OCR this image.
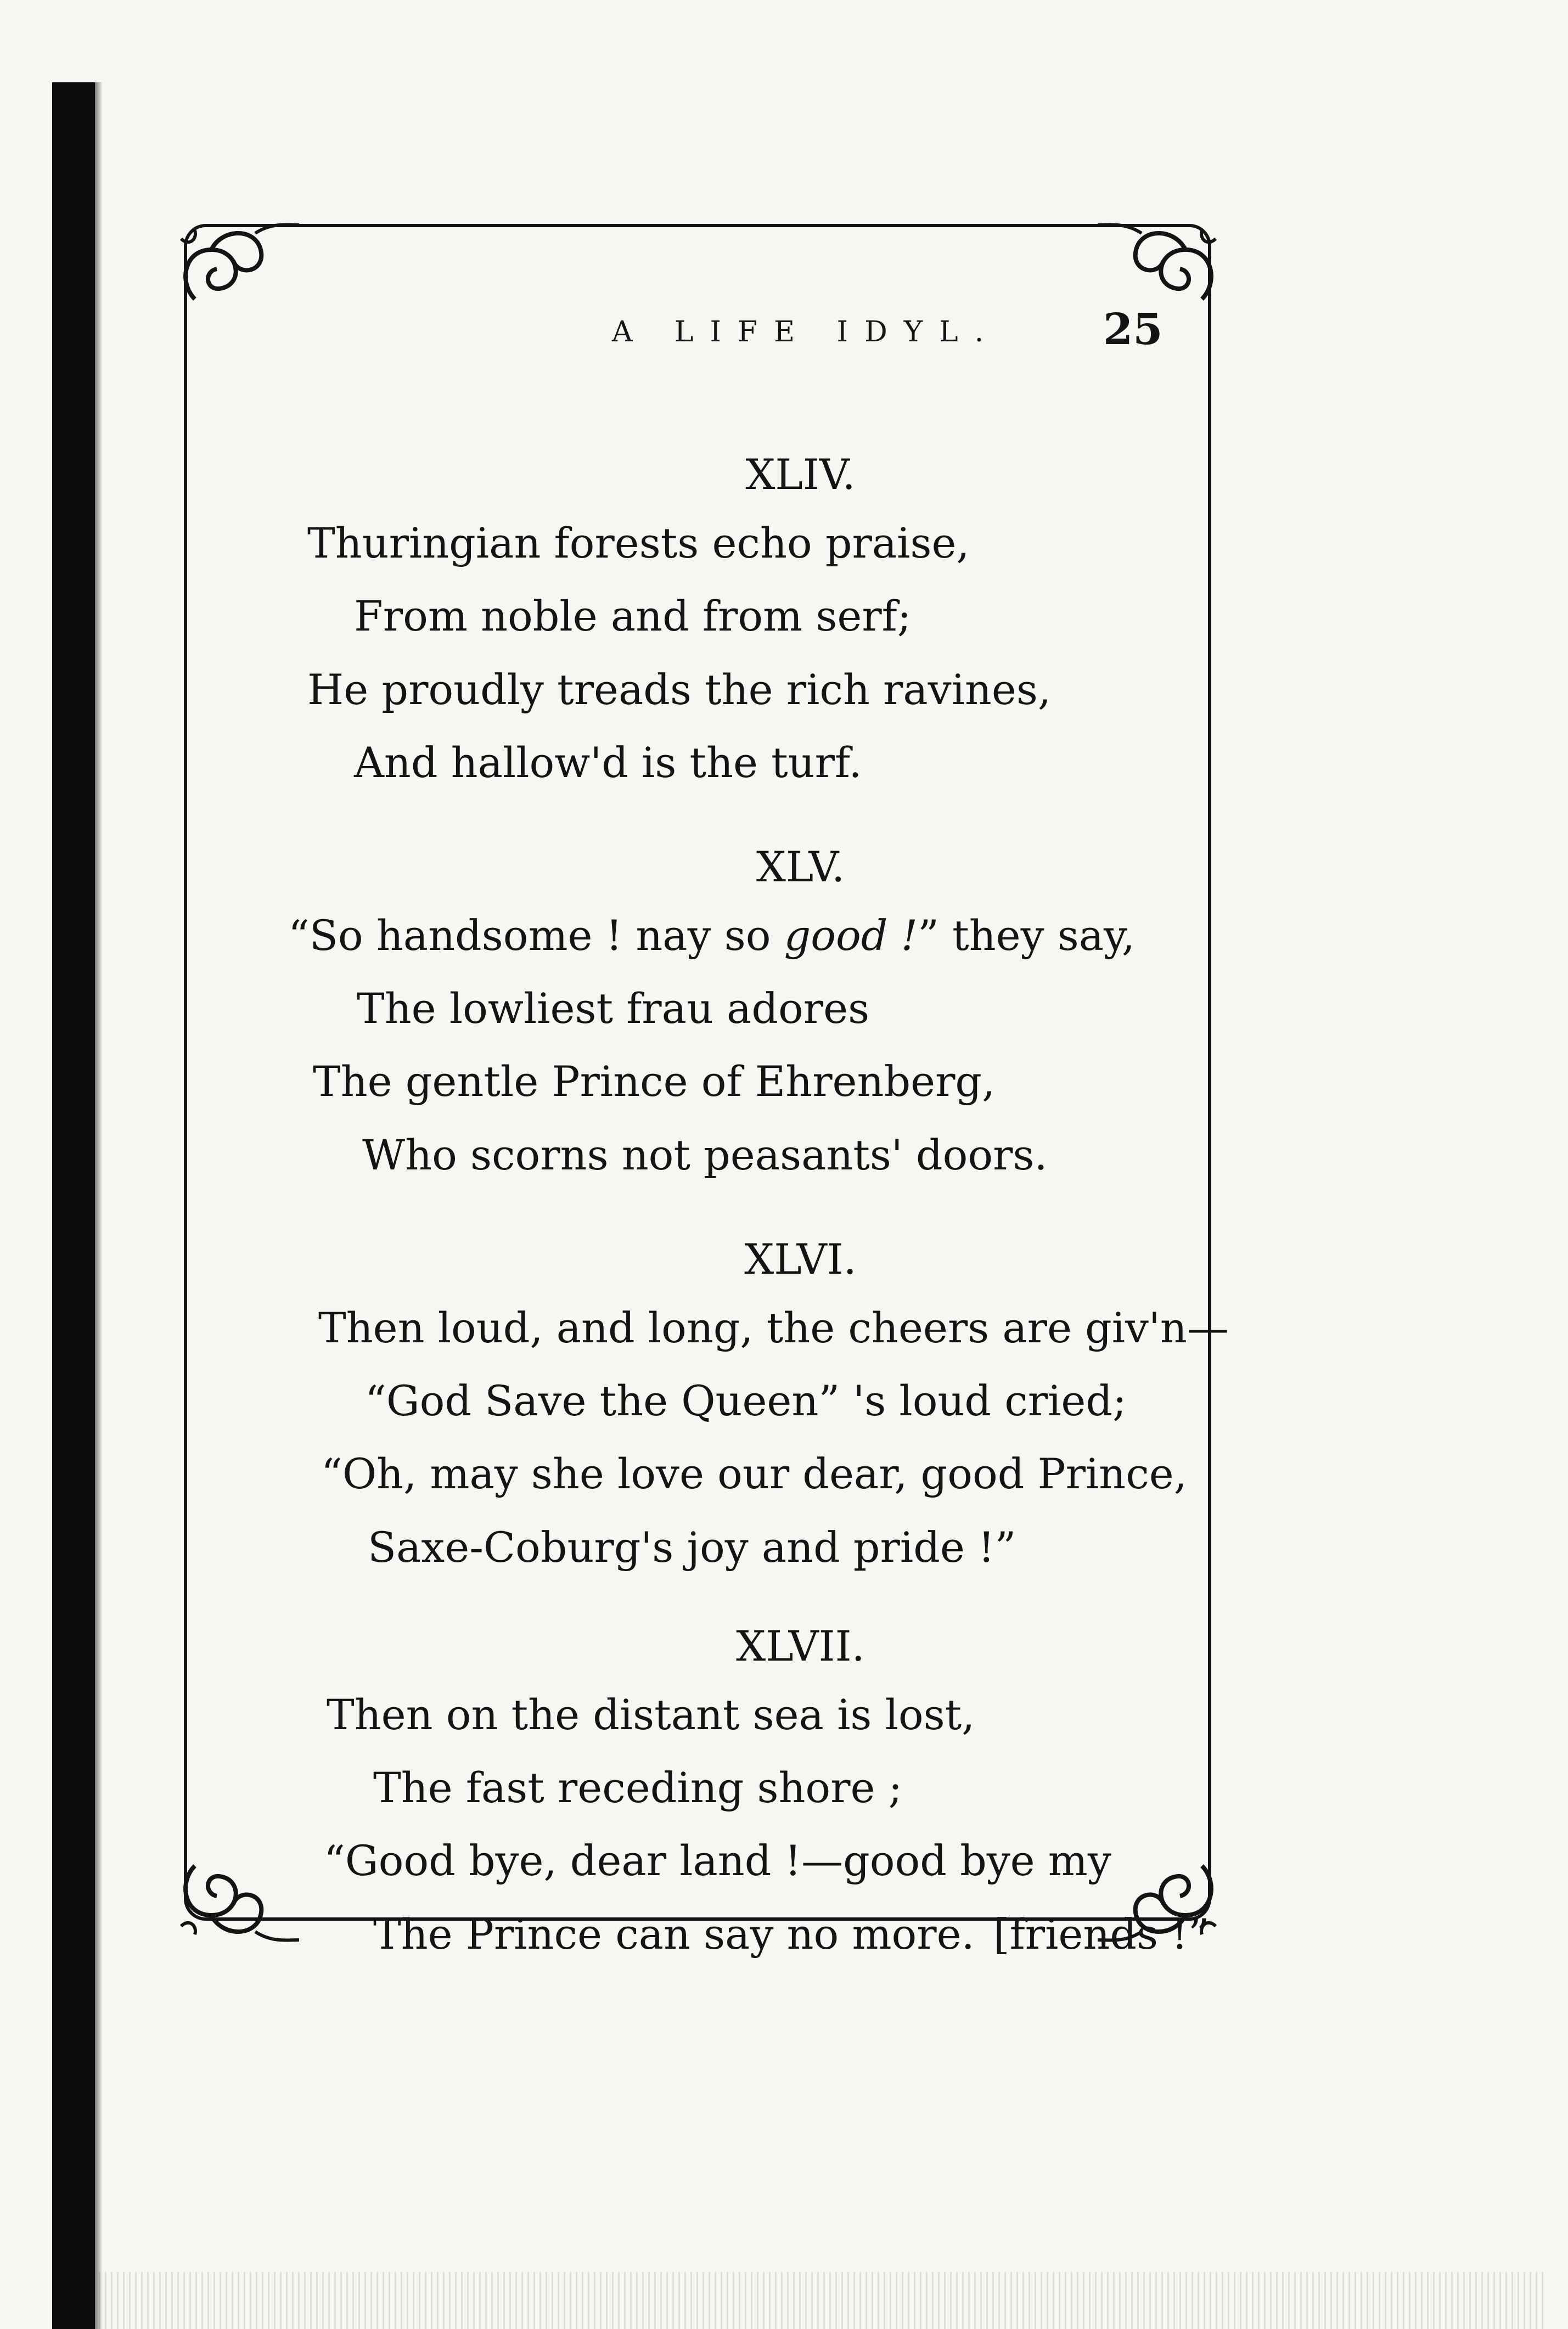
A LIFE IDYL.	25
XLIV.
Thuringian forests echo praise,
From noble and from serf;
He proudly treads the rich ravines,
And hallow'd is the turf.
XLV.
“So handsome ! nay so good !” they say,
The lowliest frau adores
The gentle Prince of Ehrenberg,
Who scorns not peasants' doors.
XLVI.
Then loud, and long, the cheers are giv'n—
“God Save the Queen” 's loud cried;
“Oh, may she love our dear, good Prince,
Saxe-Coburg's joy and pride !”
XLVII.
Then on the distant sea is lost,
The fast receding shore ;
“Good bye, dear land !—good bye my
The Prince can say no more. [friends !”
